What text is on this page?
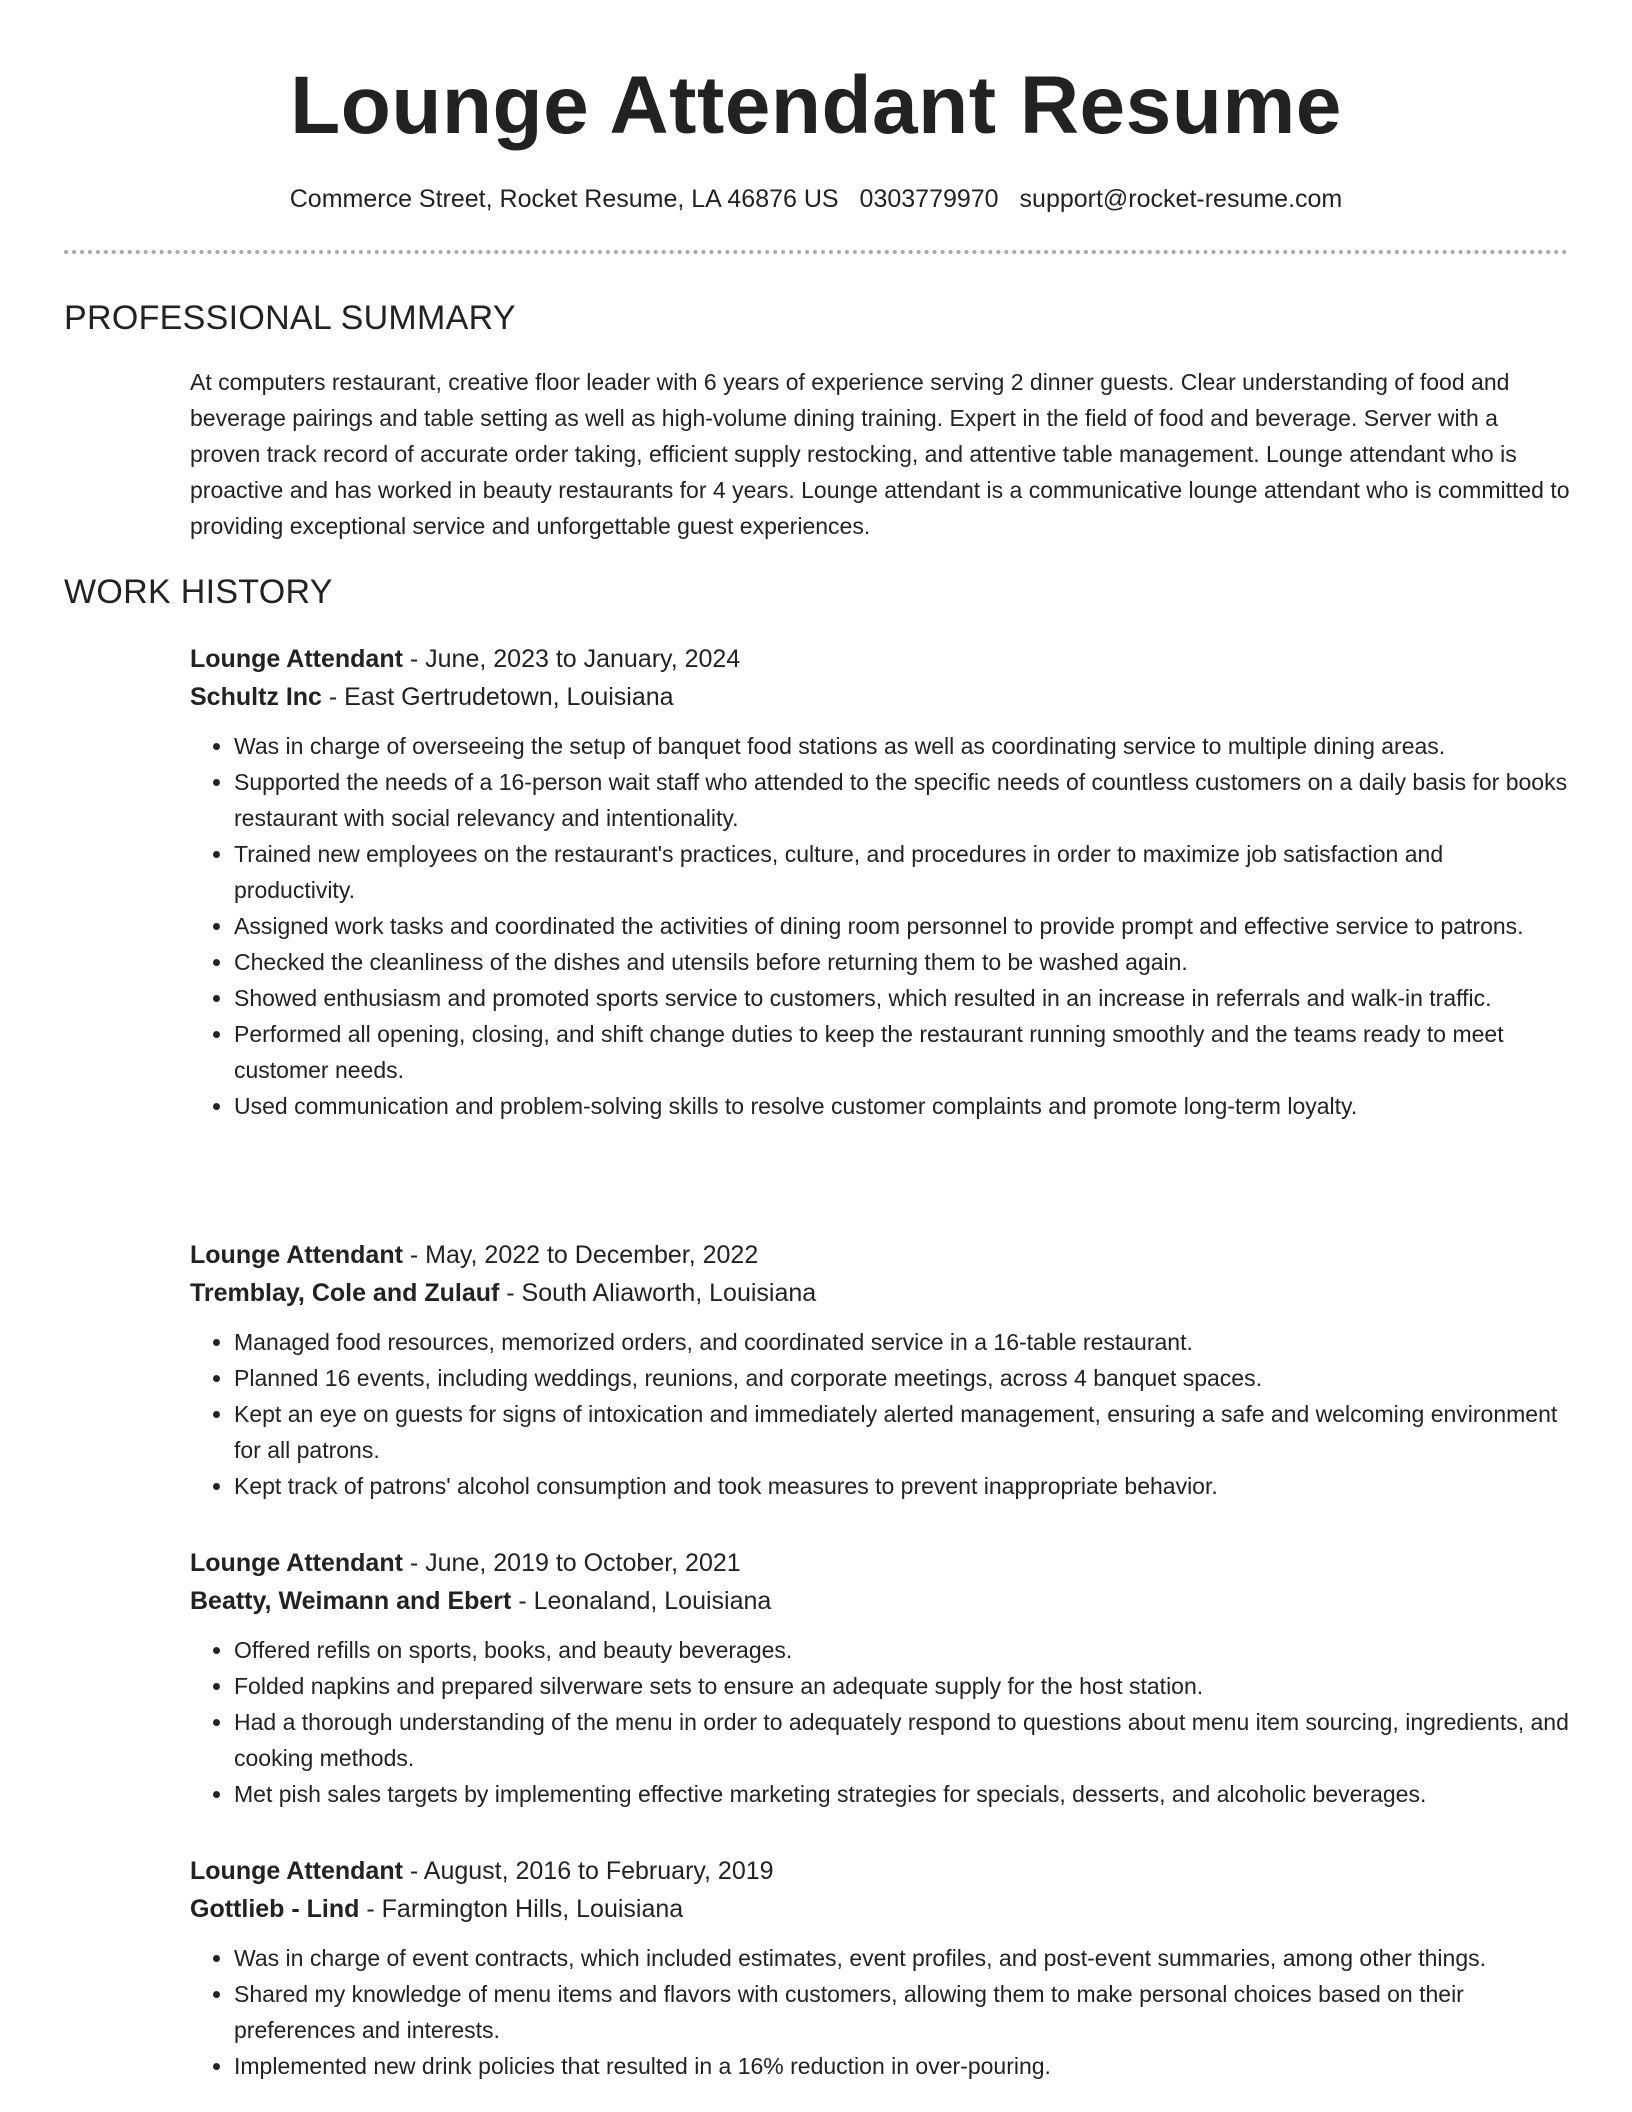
Lounge Attendant Resume
Commerce Street, Rocket Resume, LA 46876 US 0303779970 support@rocket-resume.com
PROFESSIONAL SUMMARY

At computers restaurant, creative floor leader with 6 years of experience serving 2 dinner guests. Clear understanding of food and beverage pairings and table setting as well as high-volume dining training. Expert in the field of food and beverage. Server with a proven track record of accurate order taking, efficient supply restocking, and attentive table management. Lounge attendant who is proactive and has worked in beauty restaurants for 4 years. Lounge attendant is a communicative lounge attendant who is committed to providing exceptional service and unforgettable guest experiences.

WORK HISTORY
Lounge Attendant - June, 2023 to January, 2024
Schultz Inc - East Gertrudetown, Louisiana
• Was in charge of overseeing the setup of banquet food stations as well as coordinating service to multiple dining areas.
• Supported the needs of a 16-person wait staff who attended to the specific needs of countless customers on a daily basis for books restaurant with social relevancy and intentionality.
• Trained new employees on the restaurant's practices, culture, and procedures in order to maximize job satisfaction and productivity.
• Assigned work tasks and coordinated the activities of dining room personnel to provide prompt and effective service to patrons.
• Checked the cleanliness of the dishes and utensils before returning them to be washed again.
• Showed enthusiasm and promoted sports service to customers, which resulted in an increase in referrals and walk-in traffic.
• Performed all opening, closing, and shift change duties to keep the restaurant running smoothly and the teams ready to meet customer needs.
• Used communication and problem-solving skills to resolve customer complaints and promote long-term loyalty.
Lounge Attendant - May, 2022 to December, 2022
Tremblay, Cole and Zulauf - South Aliaworth, Louisiana
• Managed food resources, memorized orders, and coordinated service in a 16-table restaurant.
• Planned 16 events, including weddings, reunions, and corporate meetings, across 4 banquet spaces.
• Kept an eye on guests for signs of intoxication and immediately alerted management, ensuring a safe and welcoming environment for all patrons.
• Kept track of patrons' alcohol consumption and took measures to prevent inappropriate behavior.
Lounge Attendant - June, 2019 to October, 2021
Beatty, Weimann and Ebert - Leonaland, Louisiana
• Offered refills on sports, books, and beauty beverages.
• Folded napkins and prepared silverware sets to ensure an adequate supply for the host station.
• Had a thorough understanding of the menu in order to adequately respond to questions about menu item sourcing, ingredients, and cooking methods.
• Met pish sales targets by implementing effective marketing strategies for specials, desserts, and alcoholic beverages.
Lounge Attendant - August, 2016 to February, 2019
Gottlieb - Lind - Farmington Hills, Louisiana
• Was in charge of event contracts, which included estimates, event profiles, and post-event summaries, among other things.
• Shared my knowledge of menu items and flavors with customers, allowing them to make personal choices based on their preferences and interests.
• Implemented new drink policies that resulted in a 16% reduction in over-pouring.
